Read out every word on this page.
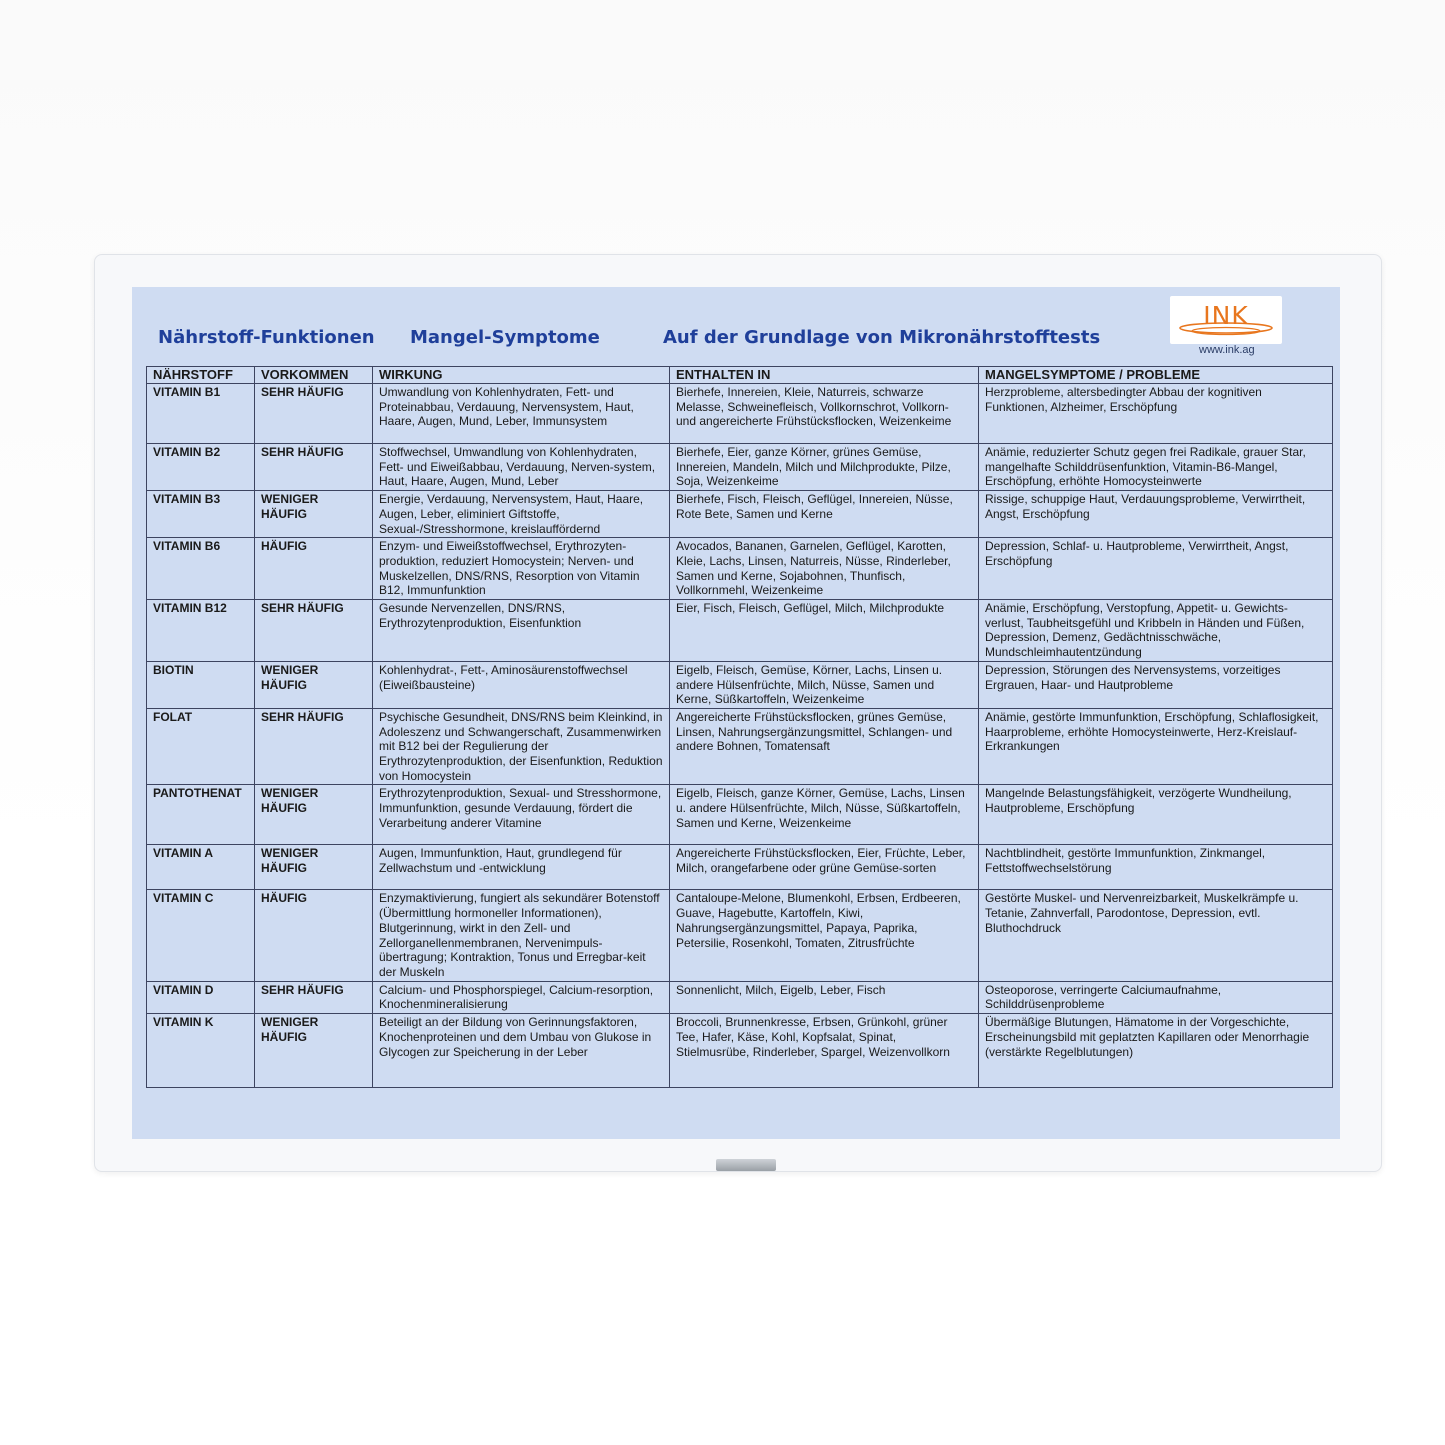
Nährstoff-Funktionen Mangel-Symptome	Auf der Grundlage von Mikronährstofftests
INK
www.ink.ag
NÄHRSTOFF	VORKOMMEN	WIRKUNG	ENTHALTEN IN	MANGELSYMPTOME / PROBLEME
VITAMIN B1	SEHR HÄUFIG	Umwandlung von Kohlenhydraten, Fett- und Proteinabbau, Verdauung, Nervensystem, Haut, Haare, Augen, Mund, Leber, Immunsystem	Bierhefe, Innereien, Kleie, Naturreis, schwarze Melasse, Schweinefleisch, Vollkornschrot, Vollkorn- und angereicherte Frühstücksflocken, Weizenkeime	Herzprobleme, altersbedingter Abbau der kognitiven Funktionen, Alzheimer, Erschöpfung
VITAMIN B2	SEHR HÄUFIG	Stoffwechsel, Umwandlung von Kohlenhydraten, Fett- und Eiweißabbau, Verdauung, Nerven-system, Haut, Haare, Augen, Mund, Leber	Bierhefe, Eier, ganze Körner, grünes Gemüse, Innereien, Mandeln, Milch und Milchprodukte, Pilze, Soja, Weizenkeime	Anämie, reduzierter Schutz gegen frei Radikale, grauer Star, mangelhafte Schilddrüsenfunktion, Vitamin-B6-Mangel, Erschöpfung, erhöhte Homocysteinwerte
VITAMIN B3	WENIGER HÄUFIG	Energie, Verdauung, Nervensystem, Haut, Haare, Augen, Leber, eliminiert Giftstoffe, Sexual-/Stresshormone, kreislauffördernd	Bierhefe, Fisch, Fleisch, Geflügel, Innereien, Nüsse, Rote Bete, Samen und Kerne	Rissige, schuppige Haut, Verdauungsprobleme, Verwirrtheit, Angst, Erschöpfung
VITAMIN B6	HÄUFIG	Enzym- und Eiweißstoffwechsel, Erythrozyten-produktion, reduziert Homocystein; Nerven- und Muskelzellen, DNS/RNS, Resorption von Vitamin B12, Immunfunktion	Avocados, Bananen, Garnelen, Geflügel, Karotten, Kleie, Lachs, Linsen, Naturreis, Nüsse, Rinderleber, Samen und Kerne, Sojabohnen, Thunfisch, Vollkornmehl, Weizenkeime	Depression, Schlaf- u. Hautprobleme, Verwirrtheit, Angst, Erschöpfung
VITAMIN B12	SEHR HÄUFIG	Gesunde Nervenzellen, DNS/RNS, Erythrozytenproduktion, Eisenfunktion	Eier, Fisch, Fleisch, Geflügel, Milch, Milchprodukte	Anämie, Erschöpfung, Verstopfung, Appetit- u. Gewichts-verlust, Taubheitsgefühl und Kribbeln in Händen und Füßen, Depression, Demenz, Gedächtnisschwäche, Mundschleimhautentzündung
BIOTIN	WENIGER HÄUFIG	Kohlenhydrat-, Fett-, Aminosäurenstoffwechsel (Eiweißbausteine)	Eigelb, Fleisch, Gemüse, Körner, Lachs, Linsen u. andere Hülsenfrüchte, Milch, Nüsse, Samen und Kerne, Süßkartoffeln, Weizenkeime	Depression, Störungen des Nervensystems, vorzeitiges Ergrauen, Haar- und Hautprobleme
FOLAT	SEHR HÄUFIG	Psychische Gesundheit, DNS/RNS beim Kleinkind, in Adoleszenz und Schwangerschaft, Zusammenwirken mit B12 bei der Regulierung der Erythrozytenproduktion, der Eisenfunktion, Reduktion von Homocystein	Angereicherte Frühstücksflocken, grünes Gemüse, Linsen, Nahrungsergänzungsmittel, Schlangen- und andere Bohnen, Tomatensaft	Anämie, gestörte Immunfunktion, Erschöpfung, Schlaflosigkeit, Haarprobleme, erhöhte Homocysteinwerte, Herz-Kreislauf-Erkrankungen
PANTOTHENAT	WENIGER HÄUFIG	Erythrozytenproduktion, Sexual- und Stresshormone, Immunfunktion, gesunde Verdauung, fördert die Verarbeitung anderer Vitamine	Eigelb, Fleisch, ganze Körner, Gemüse, Lachs, Linsen u. andere Hülsenfrüchte, Milch, Nüsse, Süßkartoffeln, Samen und Kerne, Weizenkeime	Mangelnde Belastungsfähigkeit, verzögerte Wundheilung, Hautprobleme, Erschöpfung
VITAMIN A	WENIGER HÄUFIG	Augen, Immunfunktion, Haut, grundlegend für Zellwachstum und -entwicklung	Angereicherte Frühstücksflocken, Eier, Früchte, Leber, Milch, orangefarbene oder grüne Gemüse-sorten	Nachtblindheit, gestörte Immunfunktion, Zinkmangel, Fettstoffwechselstörung
VITAMIN C	HÄUFIG	Enzymaktivierung, fungiert als sekundärer Botenstoff (Übermittlung hormoneller Informationen), Blutgerinnung, wirkt in den Zell- und Zellorganellenmembranen, Nervenimpuls-übertragung; Kontraktion, Tonus und Erregbar-keit der Muskeln	Cantaloupe-Melone, Blumenkohl, Erbsen, Erdbeeren, Guave, Hagebutte, Kartoffeln, Kiwi, Nahrungsergänzungsmittel, Papaya, Paprika, Petersilie, Rosenkohl, Tomaten, Zitrusfrüchte	Gestörte Muskel- und Nervenreizbarkeit, Muskelkrämpfe u. Tetanie, Zahnverfall, Parodontose, Depression, evtl. Bluthochdruck
VITAMIN D	SEHR HÄUFIG	Calcium- und Phosphorspiegel, Calcium-resorption, Knochenmineralisierung	Sonnenlicht, Milch, Eigelb, Leber, Fisch	Osteoporose, verringerte Calciumaufnahme, Schilddrüsenprobleme
VITAMIN K	WENIGER HÄUFIG	Beteiligt an der Bildung von Gerinnungsfaktoren, Knochenproteinen und dem Umbau von Glukose in Glycogen zur Speicherung in der Leber	Broccoli, Brunnenkresse, Erbsen, Grünkohl, grüner Tee, Hafer, Käse, Kohl, Kopfsalat, Spinat, Stielmusrübe, Rinderleber, Spargel, Weizenvollkorn	Übermäßige Blutungen, Hämatome in der Vorgeschichte, Erscheinungsbild mit geplatzten Kapillaren oder Menorrhagie (verstärkte Regelblutungen)
